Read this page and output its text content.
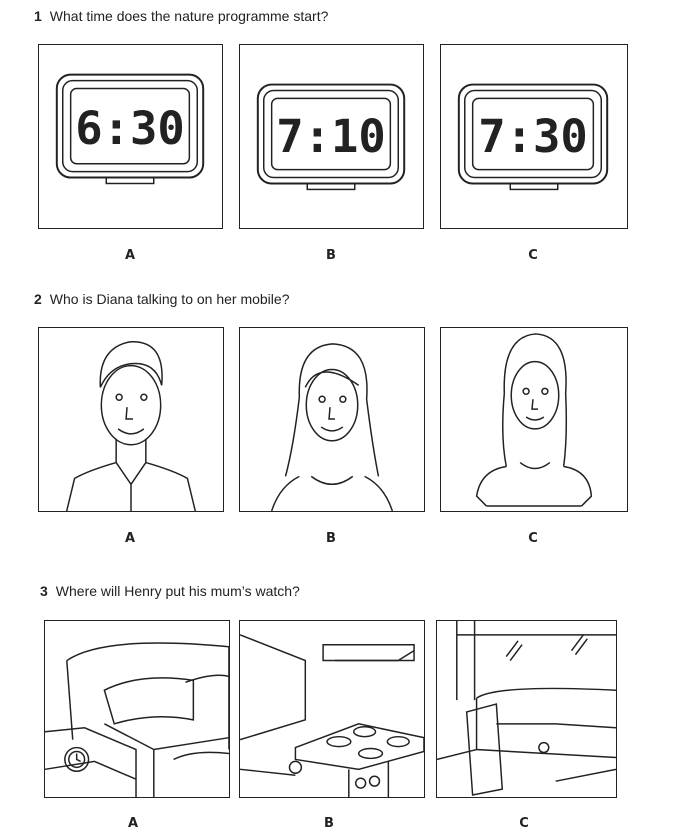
1 What time does the nature programme start?
6:30 7:10 7:30
A	B	C
2 Who is Diana talking to on her mobile?
A	B	C
3 Where will Henry put his mum’s watch?
A	B	C
